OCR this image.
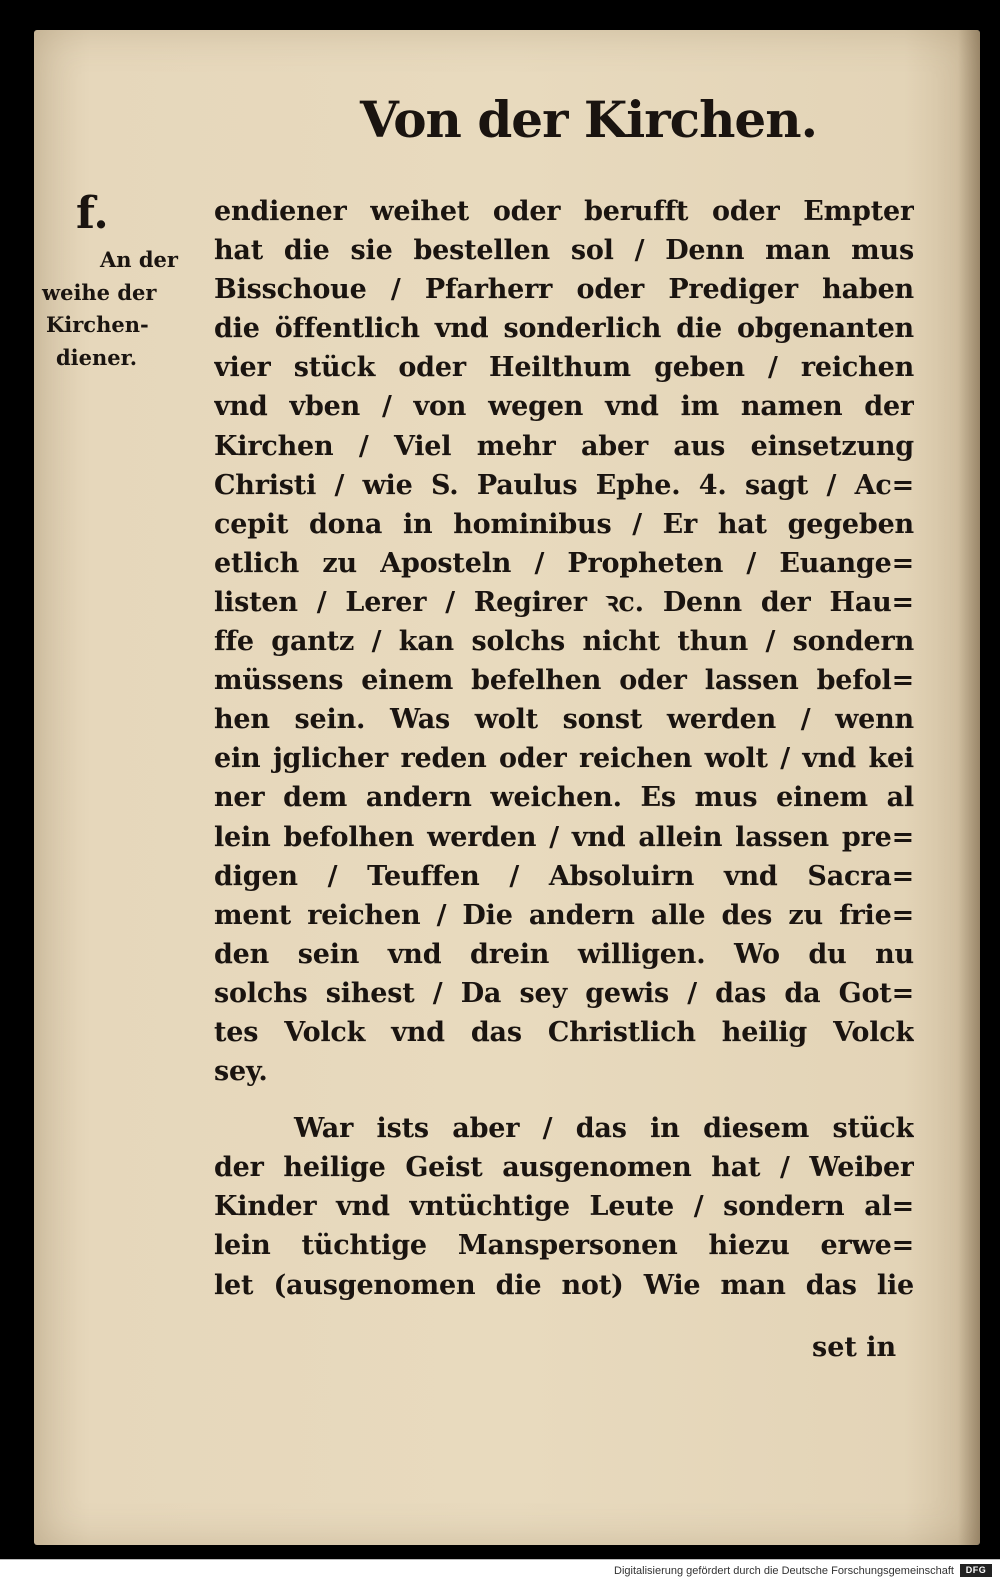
Von der Kirchen.
f.
An der
weihe der
Kirchen-
diener.
endiener weihet oder berufft oder Empter
hat die sie bestellen sol / Denn man mus
Bisschoue / Pfarherr oder Prediger haben
die öffentlich vnd sonderlich die obgenanten
vier stück oder Heilthum geben / reichen
vnd vben / von wegen vnd im namen der
Kirchen / Viel mehr aber aus einsetzung
Christi / wie S. Paulus Ephe. 4. sagt / Ac=
cepit dona in hominibus / Er hat gegeben
etlich zu Aposteln / Propheten / Euange=
listen / Lerer / Regirer ꝛc. Denn der Hau=
ffe gantz / kan solchs nicht thun / sondern
müssens einem befelhen oder lassen befol=
hen sein. Was wolt sonst werden / wenn
ein jglicher reden oder reichen wolt / vnd kei
ner dem andern weichen. Es mus einem al
lein befolhen werden / vnd allein lassen pre=
digen / Teuffen / Absoluirn vnd Sacra=
ment reichen / Die andern alle des zu frie=
den sein vnd drein willigen. Wo du nu
solchs sihest / Da sey gewis / das da Got=
tes Volck vnd das Christlich heilig Volck
sey.
War ists aber / das in diesem stück
der heilige Geist ausgenomen hat / Weiber
Kinder vnd vntüchtige Leute / sondern al=
lein tüchtige Manspersonen hiezu erwe=
let (ausgenomen die not) Wie man das lie
set in
Digitalisierung gefördert durch die Deutsche Forschungsgemeinschaft	DFG
